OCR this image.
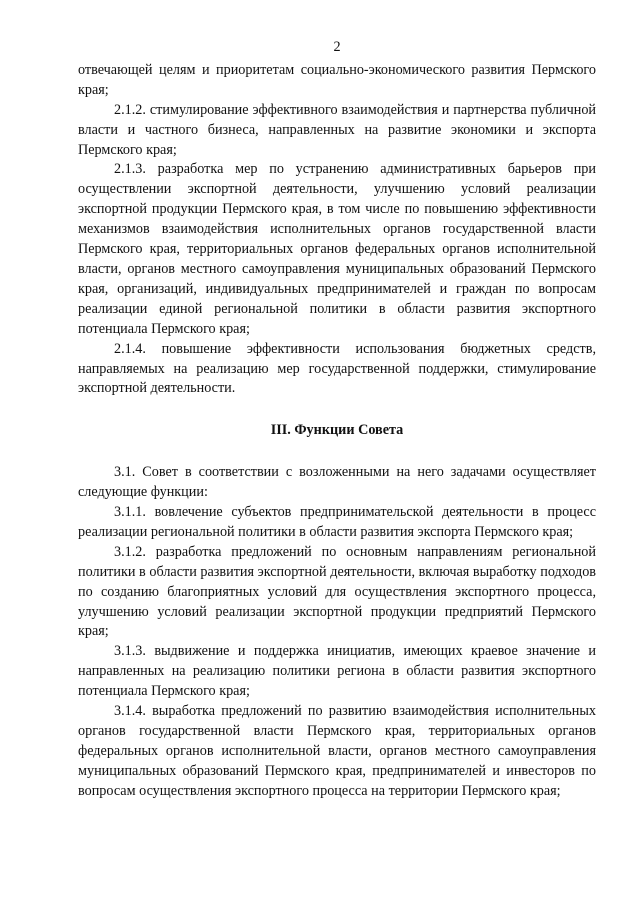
2

отвечающей целям и приоритетам социально-экономического развития Пермского края;

2.1.2. стимулирование эффективного взаимодействия и партнерства публичной власти и частного бизнеса, направленных на развитие экономики и экспорта Пермского края;

2.1.3. разработка мер по устранению административных барьеров при осуществлении экспортной деятельности, улучшению условий реализации экспортной продукции Пермского края, в том числе по повышению эффективности механизмов взаимодействия исполнительных органов государственной власти Пермского края, территориальных органов федеральных органов исполнительной власти, органов местного самоуправления муниципальных образований Пермского края, организаций, индивидуальных предпринимателей и граждан по вопросам реализации единой региональной политики в области развития экспортного потенциала Пермского края;

2.1.4. повышение эффективности использования бюджетных средств, направляемых на реализацию мер государственной поддержки, стимулирование экспортной деятельности.

III. Функции Совета

3.1. Совет в соответствии с возложенными на него задачами осуществляет следующие функции:

3.1.1. вовлечение субъектов предпринимательской деятельности в процесс реализации региональной политики в области развития экспорта Пермского края;

3.1.2. разработка предложений по основным направлениям региональной политики в области развития экспортной деятельности, включая выработку подходов по созданию благоприятных условий для осуществления экспортного процесса, улучшению условий реализации экспортной продукции предприятий Пермского края;

3.1.3. выдвижение и поддержка инициатив, имеющих краевое значение и направленных на реализацию политики региона в области развития экспортного потенциала Пермского края;

3.1.4. выработка предложений по развитию взаимодействия исполнительных органов государственной власти Пермского края, территориальных органов федеральных органов исполнительной власти, органов местного самоуправления муниципальных образований Пермского края, предпринимателей и инвесторов по вопросам осуществления экспортного процесса на территории Пермского края;
